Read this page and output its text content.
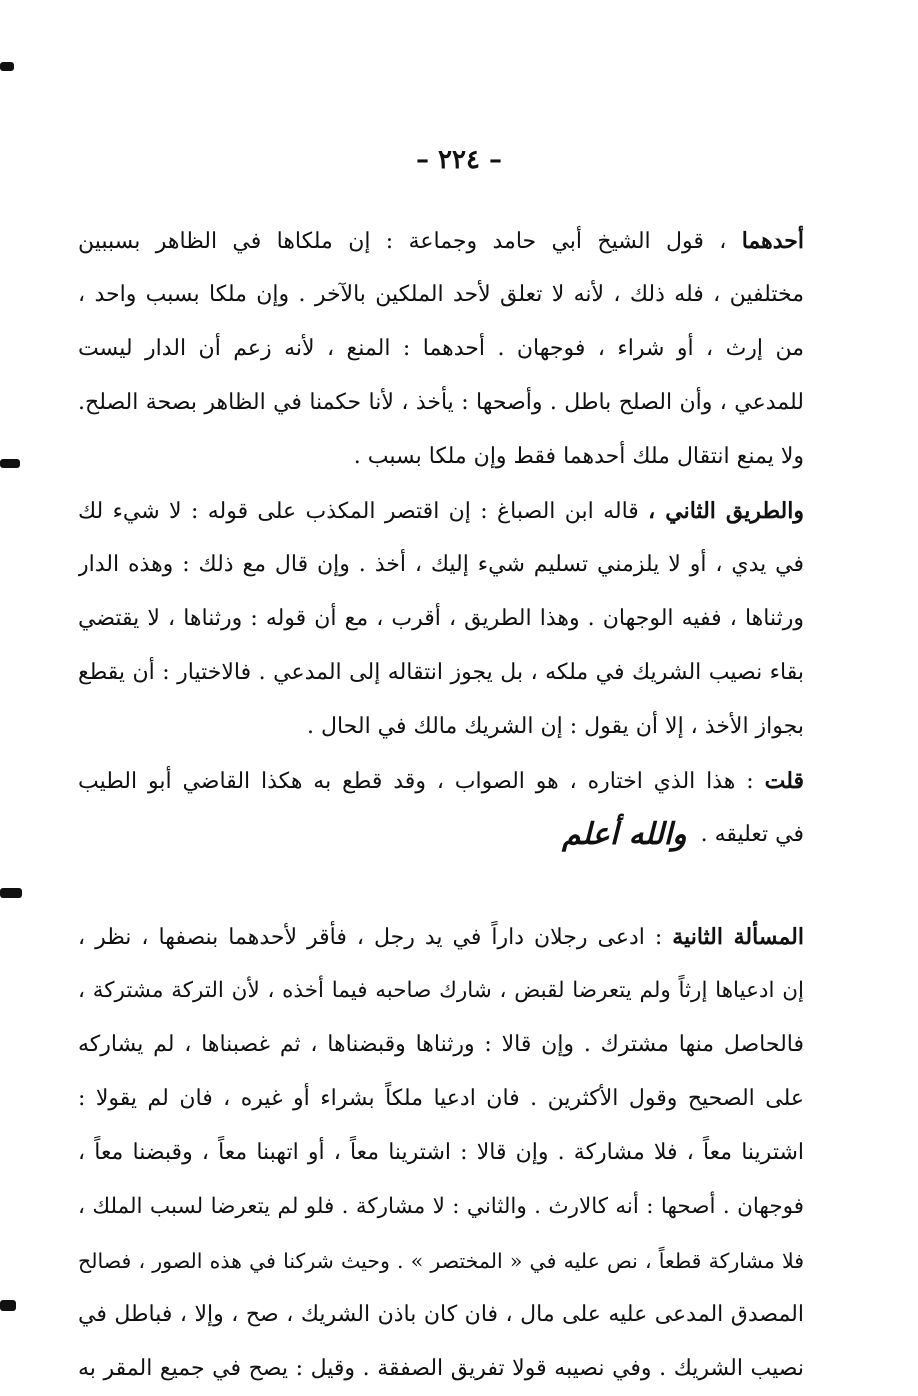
– ٢٢٤ –
أحدهما ، قول الشيخ أبي حامد وجماعة : إن ملكاها في الظاهر بسببين
مختلفين ، فله ذلك ، لأنه لا تعلق لأحد الملكين بالآخر . وإن ملكا بسبب واحد ،
من إرث ، أو شراء ، فوجهان . أحدهما : المنع ، لأنه زعم أن الدار ليست
للمدعي ، وأن الصلح باطل . وأصحها : يأخذ ، لأنا حكمنا في الظاهر بصحة الصلح.
ولا يمنع انتقال ملك أحدهما فقط وإن ملكا بسبب .
والطريق الثاني ، قاله ابن الصباغ : إن اقتصر المكذب على قوله : لا شيء لك
في يدي ، أو لا يلزمني تسليم شيء إليك ، أخذ . وإن قال مع ذلك : وهذه الدار
ورثناها ، ففيه الوجهان . وهذا الطريق ، أقرب ، مع أن قوله : ورثناها ، لا يقتضي
بقاء نصيب الشريك في ملكه ، بل يجوز انتقاله إلى المدعي . فالاختيار : أن يقطع
بجواز الأخذ ، إلا أن يقول : إن الشريك مالك في الحال .
قلت : هذا الذي اختاره ، هو الصواب ، وقد قطع به هكذا القاضي أبو الطيب
في تعليقه .والله أعلم
المسألة الثانية : ادعى رجلان داراً في يد رجل ، فأقر لأحدهما بنصفها ، نظر ،
إن ادعياها إرثاً ولم يتعرضا لقبض ، شارك صاحبه فيما أخذه ، لأن التركة مشتركة ،
فالحاصل منها مشترك . وإن قالا : ورثناها وقبضناها ، ثم غصبناها ، لم يشاركه
على الصحيح وقول الأكثرين . فان ادعيا ملكاً بشراء أو غيره ، فان لم يقولا :
اشترينا معاً ، فلا مشاركة . وإن قالا : اشترينا معاً ، أو اتهبنا معاً ، وقبضنا معاً ،
فوجهان . أصحها : أنه كالارث . والثاني : لا مشاركة . فلو لم يتعرضا لسبب الملك ،
فلا مشاركة قطعاً ، نص عليه في « المختصر » . وحيث شركنا في هذه الصور ، فصالح
المصدق المدعى عليه على مال ، فان كان باذن الشريك ، صح ، وإلا ، فباطل في
نصيب الشريك . وفي نصيبه قولا تفريق الصفقة . وقيل : يصح في جميع المقر به
